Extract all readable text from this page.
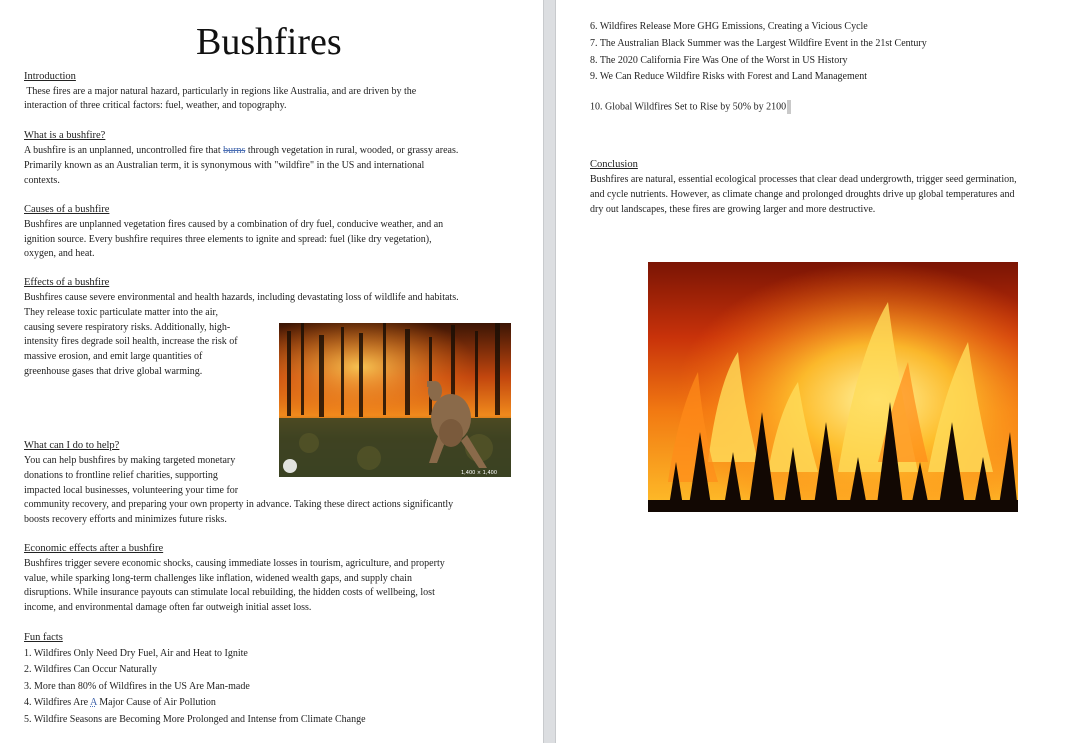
Bushfires
Introduction
These fires are a major natural hazard, particularly in regions like Australia, and are driven by the
interaction of three critical factors: fuel, weather, and topography.
What is a bushfire?
A bushfire is an unplanned, uncontrolled fire that burns through vegetation in rural, wooded, or grassy areas.
Primarily known as an Australian term, it is synonymous with "wildfire" in the US and international
contexts.
Causes of a bushfire
Bushfires are unplanned vegetation fires caused by a combination of dry fuel, conducive weather, and an
ignition source. Every bushfire requires three elements to ignite and spread: fuel (like dry vegetation),
oxygen, and heat.
Effects of a bushfire
Bushfires cause severe environmental and health hazards, including devastating loss of wildlife and habitats.
They release toxic particulate matter into the air,
causing severe respiratory risks. Additionally, high-
intensity fires degrade soil health, increase the risk of
massive erosion, and emit large quantities of
greenhouse gases that drive global warming.
1,400 × 1,400
What can I do to help?
You can help bushfires by making targeted monetary
donations to frontline relief charities, supporting
impacted local businesses, volunteering your time for
community recovery, and preparing your own property in advance. Taking these direct actions significantly
boosts recovery efforts and minimizes future risks.
Economic effects after a bushfire
Bushfires trigger severe economic shocks, causing immediate losses in tourism, agriculture, and property
value, while sparking long-term challenges like inflation, widened wealth gaps, and supply chain
disruptions. While insurance payouts can stimulate local rebuilding, the hidden costs of wellbeing, lost
income, and environmental damage often far outweigh initial asset loss.
Fun facts
1. Wildfires Only Need Dry Fuel, Air and Heat to Ignite
2. Wildfires Can Occur Naturally
3. More than 80% of Wildfires in the US Are Man-made
4. Wildfires Are A Major Cause of Air Pollution
5. Wildfire Seasons are Becoming More Prolonged and Intense from Climate Change
6. Wildfires Release More GHG Emissions, Creating a Vicious Cycle
7. The Australian Black Summer was the Largest Wildfire Event in the 21st Century
8. The 2020 California Fire Was One of the Worst in US History
9. We Can Reduce Wildfire Risks with Forest and Land Management
10. Global Wildfires Set to Rise by 50% by 2100
Conclusion
Bushfires are natural, essential ecological processes that clear dead undergrowth, trigger seed germination,
and cycle nutrients. However, as climate change and prolonged droughts drive up global temperatures and
dry out landscapes, these fires are growing larger and more destructive.
